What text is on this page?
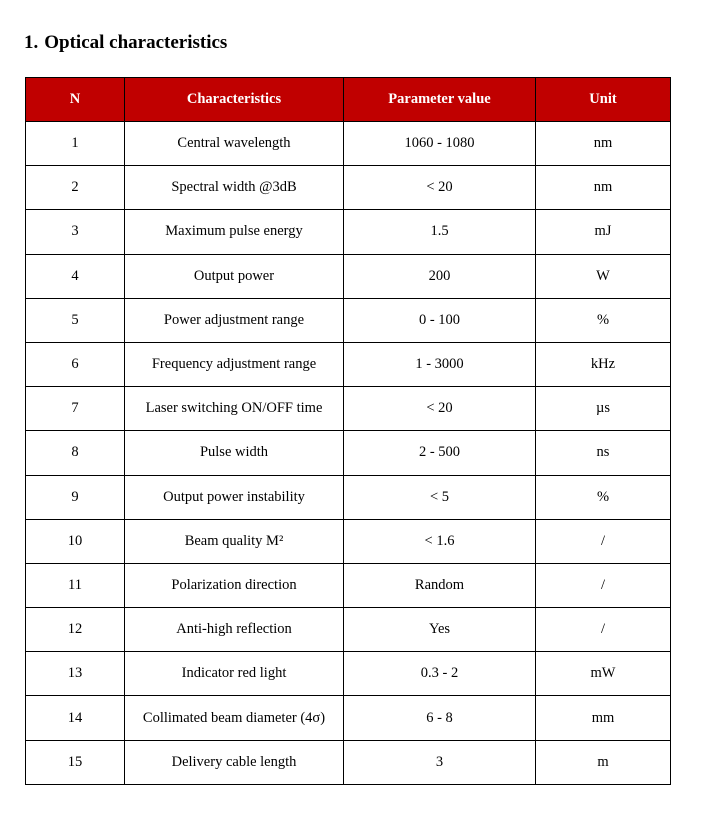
1. Optical characteristics
N	Characteristics	Parameter value	Unit
1	Central wavelength	1060 - 1080	nm
2	Spectral width @3dB	< 20	nm
3	Maximum pulse energy	1.5	mJ
4	Output power	200	W
5	Power adjustment range	0 - 100	%
6	Frequency adjustment range	1 - 3000	kHz
7	Laser switching ON/OFF time	< 20	µs
8	Pulse width	2 - 500	ns
9	Output power instability	< 5	%
10	Beam quality M²	< 1.6	/
11	Polarization direction	Random	/
12	Anti-high reflection	Yes	/
13	Indicator red light	0.3 - 2	mW
14	Collimated beam diameter (4σ)	6 - 8	mm
15	Delivery cable length	3	m
